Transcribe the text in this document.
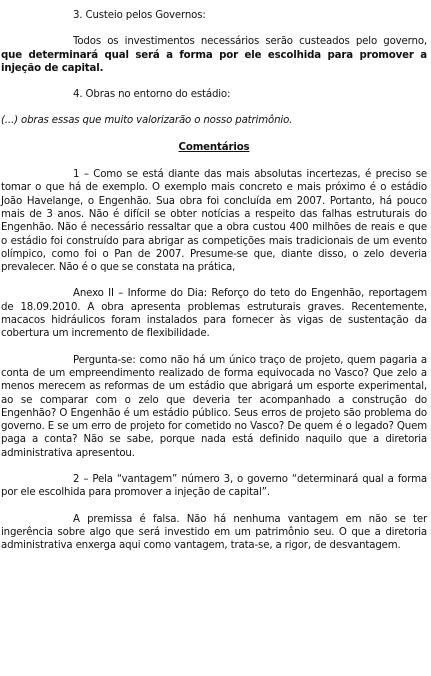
3. Custeio pelos Governos:

Todos os investimentos necessários serão custeados pelo governo, que determinará qual será a forma por ele escolhida para promover a injeção de capital.

4. Obras no entorno do estádio:

(...) obras essas que muito valorizarão o nosso patrimônio.

Comentários

1 – Como se está diante das mais absolutas incertezas, é preciso se tomar o que há de exemplo. O exemplo mais concreto e mais próximo é o estádio João Havelange, o Engenhão. Sua obra foi concluída em 2007. Portanto, há pouco mais de 3 anos. Não é difícil se obter notícias a respeito das falhas estruturais do Engenhão. Não é necessário ressaltar que a obra custou 400 milhões de reais e que o estádio foi construído para abrigar as competições mais tradicionais de um evento olímpico, como foi o Pan de 2007. Presume-se que, diante disso, o zelo deveria prevalecer. Não é o que se constata na prática,

Anexo II – Informe do Dia: Reforço do teto do Engenhão, reportagem de 18.09.2010. A obra apresenta problemas estruturais graves. Recentemente, macacos hidráulicos foram instalados para fornecer às vigas de sustentação da cobertura um incremento de flexibilidade.

Pergunta-se: como não há um único traço de projeto, quem pagaria a conta de um empreendimento realizado de forma equivocada no Vasco? Que zelo a menos merecem as reformas de um estádio que abrigará um esporte experimental, ao se comparar com o zelo que deveria ter acompanhado a construção do Engenhão? O Engenhão é um estádio público. Seus erros de projeto são problema do governo. E se um erro de projeto for cometido no Vasco? De quem é o legado? Quem paga a conta? Não se sabe, porque nada está definido naquilo que a diretoria administrativa apresentou.

2 – Pela “vantagem” número 3, o governo “determinará qual a forma por ele escolhida para promover a injeção de capital”.

A premissa é falsa. Não há nenhuma vantagem em não se ter ingerência sobre algo que será investido em um patrimônio seu. O que a diretoria administrativa enxerga aqui como vantagem, trata-se, a rigor, de desvantagem.
